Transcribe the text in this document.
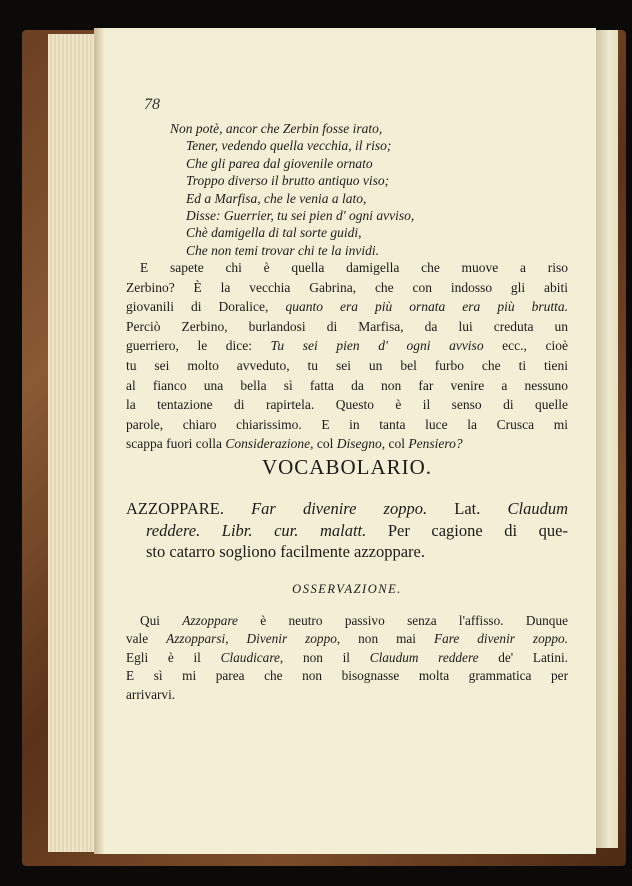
78
Non potè, ancor che Zerbin fosse irato,
Tener, vedendo quella vecchia, il riso;
Che gli parea dal giovenile ornato
Troppo diverso il brutto antiquo viso;
Ed a Marfisa, che le venia a lato,
Disse: Guerrier, tu sei pien d' ogni avviso,
Chè damigella di tal sorte guidi,
Che non temi trovar chi te la invidi.
E sapete chi è quella damigella che muove a riso
Zerbino? È la vecchia Gabrina, che con indosso gli abiti
giovanili di Doralice, quanto era più ornata era più brutta.
Perciò Zerbino, burlandosi di Marfisa, da lui creduta un
guerriero, le dice: Tu sei pien d' ogni avviso ecc., cioè
tu sei molto avveduto, tu sei un bel furbo che ti tieni
al fianco una bella sì fatta da non far venire a nessuno
la tentazione di rapirtela. Questo è il senso di quelle
parole, chiaro chiarissimo. E in tanta luce la Crusca mi
scappa fuori colla Considerazione, col Disegno, col Pensiero?
VOCABOLARIO.
AZZOPPARE. Far divenire zoppo. Lat. Claudum
reddere. Libr. cur. malatt. Per cagione di que-
sto catarro sogliono facilmente azzoppare.
OSSERVAZIONE.
Qui Azzoppare è neutro passivo senza l'affisso. Dunque
vale Azzopparsi, Divenir zoppo, non mai Fare divenir zoppo.
Egli è il Claudicare, non il Claudum reddere de' Latini.
E sì mi parea che non bisognasse molta grammatica per
arrivarvi.
